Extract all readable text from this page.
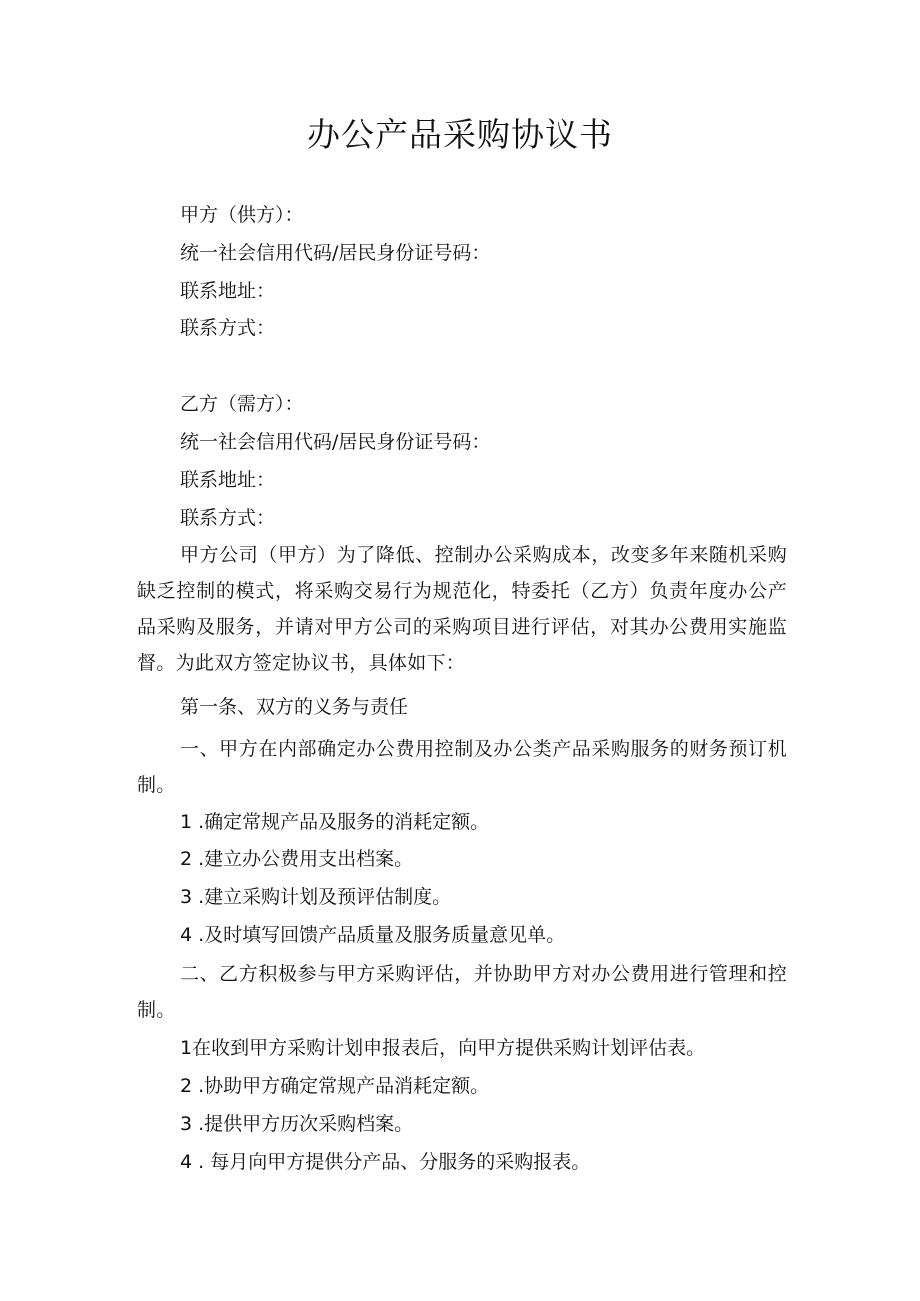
办公产品采购协议书
甲方（供方）：
统一社会信用代码/居民身份证号码：
联系地址：
联系方式：
乙方（需方）：
统一社会信用代码/居民身份证号码：
联系地址：
联系方式：
甲方公司（甲方）为了降低、控制办公采购成本，改变多年来随机采购缺乏控制的模式，将采购交易行为规范化，特委托（乙方）负责年度办公产品采购及服务，并请对甲方公司的采购项目进行评估，对其办公费用实施监督。为此双方签定协议书，具体如下：
第一条、双方的义务与责任
一、甲方在内部确定办公费用控制及办公类产品采购服务的财务预订机制。
1 .确定常规产品及服务的消耗定额。
2 .建立办公费用支出档案。
3 .建立采购计划及预评估制度。
4 .及时填写回馈产品质量及服务质量意见单。
二、乙方积极参与甲方采购评估，并协助甲方对办公费用进行管理和控制。
1在收到甲方采购计划申报表后，向甲方提供采购计划评估表。
2 .协助甲方确定常规产品消耗定额。
3 .提供甲方历次采购档案。
4 . 每月向甲方提供分产品、分服务的采购报表。
